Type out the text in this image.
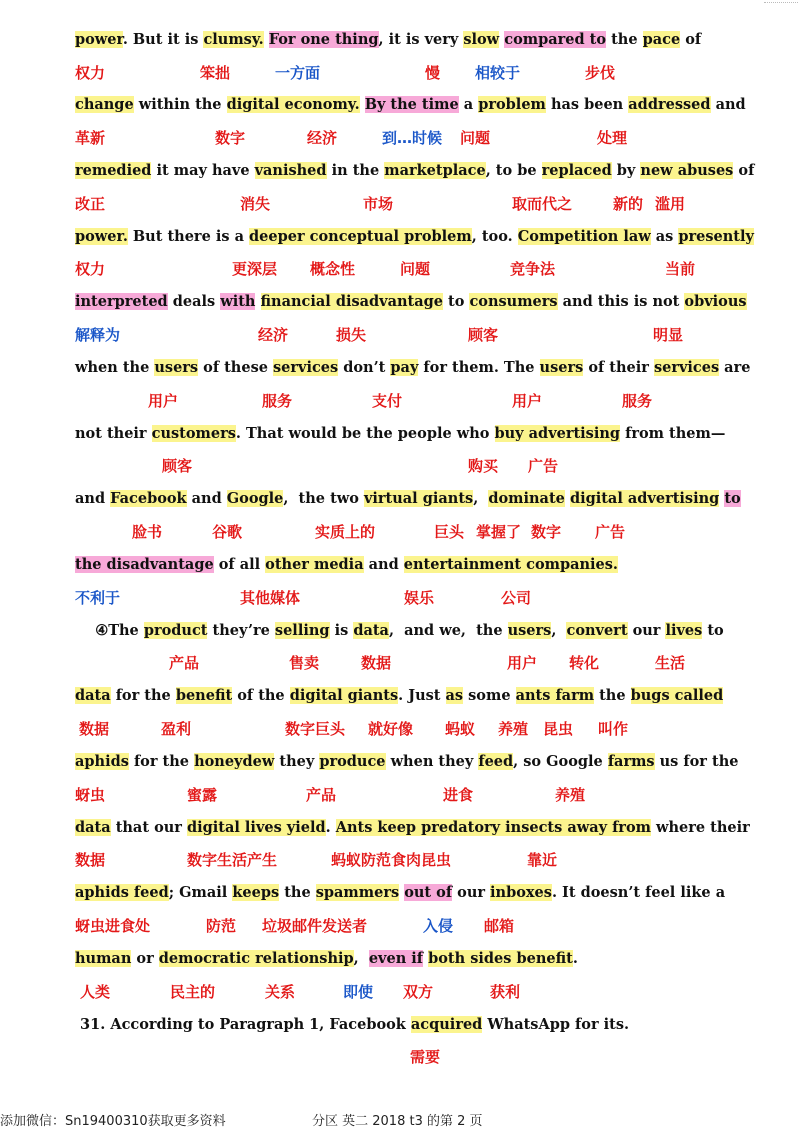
power. But it is clumsy. For one thing, it is very slow compared to the pace of
change within the digital economy. By the time a problem has been addressed and
remedied it may have vanished in the marketplace, to be replaced by new abuses of
power. But there is a deeper conceptual problem, too. Competition law as presently
interpreted deals with financial disadvantage to consumers and this is not obvious
when the users of these services don’t pay for them. The users of their services are
not their customers. That would be the people who buy advertising from them—
and Facebook and Google,  the two virtual giants,  dominate digital advertising to
the disadvantage of all other media and entertainment companies.
④The product they’re selling is data,  and we,  the users,  convert our lives to
data for the benefit of the digital giants. Just as some ants farm the bugs called
aphids for the honeydew they produce when they feed, so Google farms us for the
data that our digital lives yield. Ants keep predatory insects away from where their
aphids feed; Gmail keeps the spammers out of our inboxes. It doesn’t feel like a
human or democratic relationship,  even if both sides benefit.
31. According to Paragraph 1, Facebook acquired WhatsApp for its.
权力	笨拙	一方面	慢 相较于	步伐
革新	数字	经济	到…时候 问题	处理
改正	消失	市场	取而代之	新的 滥用
权力	更深层 概念性	问题	竞争法	当前
解释为	经济	损失	顾客	明显
用户	服务	支付	用户	服务
顾客	购买 广告
脸书	谷歌	实质上的	巨头 掌握了 数字 广告
不利于	其他媒体	娱乐	公司
产品	售卖	数据	用户 转化	生活
数据	盈利	数字巨头 就好像 蚂蚁 养殖 昆虫 叫作
蚜虫	蜜露	产品	进食	养殖
数据	数字生活产生	蚂蚁防范食肉昆虫	靠近
蚜虫进食处	防范 垃圾邮件发送者	入侵 邮箱
人类	民主的	关系	即使 双方	获利
需要
添加微信：Sn19400310获取更多资料	分区 英二 2018 t3 的第 2 页
